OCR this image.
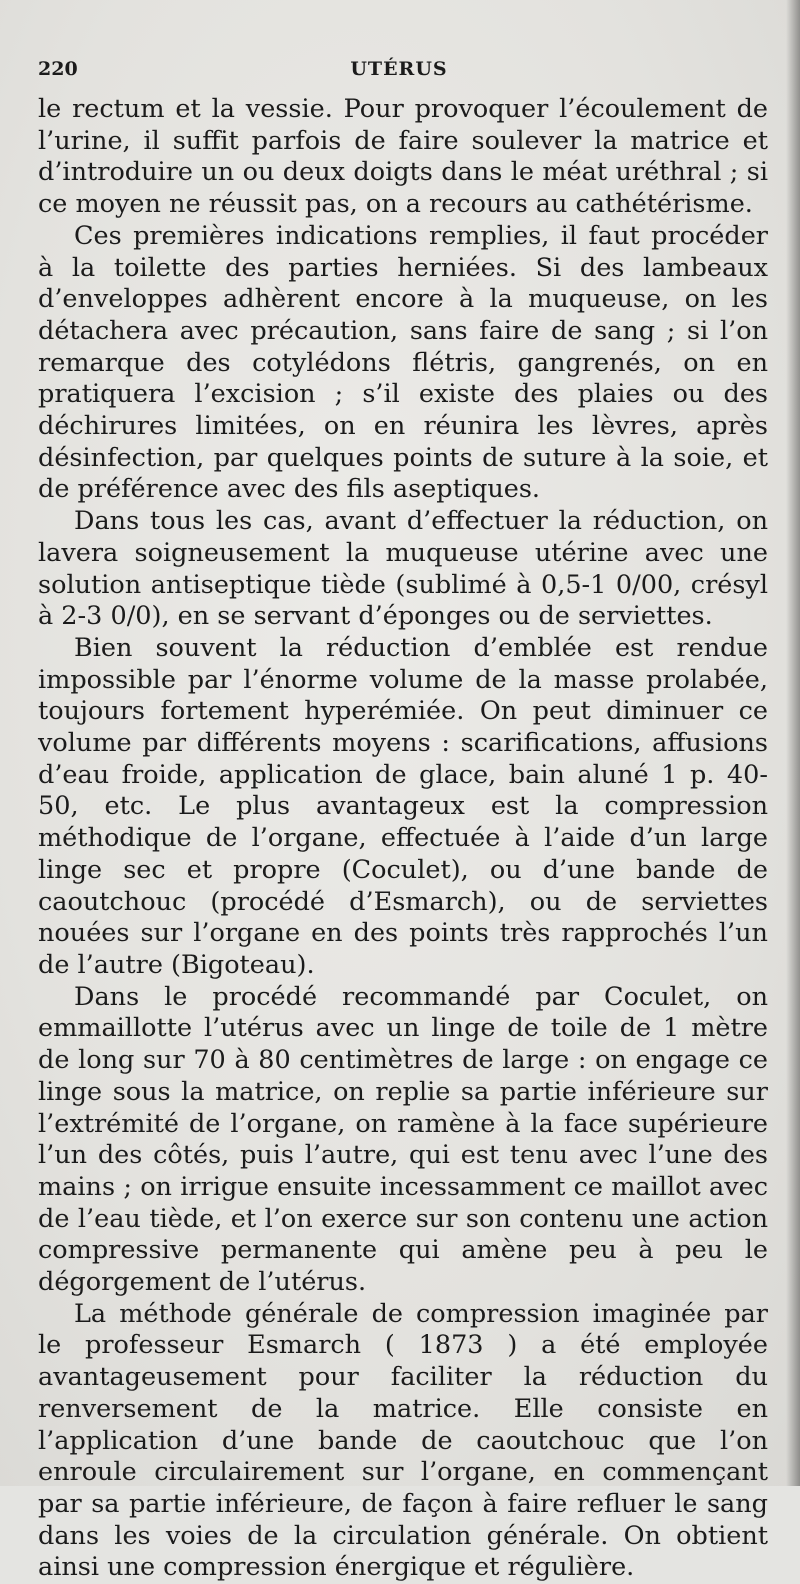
220	UTÉRUS

le rectum et la vessie. Pour provoquer l’écoulement de l’urine, il suffit parfois de faire soulever la matrice et d’introduire un ou deux doigts dans le méat uréthral ; si ce moyen ne réussit pas, on a recours au cathétérisme.

Ces premières indications remplies, il faut procéder à la toilette des parties herniées. Si des lambeaux d’enveloppes adhèrent encore à la muqueuse, on les détachera avec précaution, sans faire de sang ; si l’on remarque des cotylédons flétris, gangrenés, on en pratiquera l’excision ; s’il existe des plaies ou des déchirures limitées, on en réunira les lèvres, après désinfection, par quelques points de suture à la soie, et de préférence avec des fils aseptiques.

Dans tous les cas, avant d’effectuer la réduction, on lavera soigneusement la muqueuse utérine avec une solution antiseptique tiède (sublimé à 0,5-1 0/00, crésyl à 2-3 0/0), en se servant d’éponges ou de serviettes.

Bien souvent la réduction d’emblée est rendue impossible par l’énorme volume de la masse prolabée, toujours fortement hyperémiée. On peut diminuer ce volume par différents moyens : scarifications, affusions d’eau froide, application de glace, bain aluné 1 p. 40-50, etc. Le plus avantageux est la compression méthodique de l’organe, effectuée à l’aide d’un large linge sec et propre (Coculet), ou d’une bande de caoutchouc (procédé d’Esmarch), ou de serviettes nouées sur l’organe en des points très rapprochés l’un de l’autre (Bigoteau).

Dans le procédé recommandé par Coculet, on emmaillotte l’utérus avec un linge de toile de 1 mètre de long sur 70 à 80 centimètres de large : on engage ce linge sous la matrice, on replie sa partie inférieure sur l’extrémité de l’organe, on ramène à la face supérieure l’un des côtés, puis l’autre, qui est tenu avec l’une des mains ; on irrigue ensuite incessamment ce maillot avec de l’eau tiède, et l’on exerce sur son contenu une action compressive permanente qui amène peu à peu le dégorgement de l’utérus.

La méthode générale de compression imaginée par le professeur Esmarch ( 1873 ) a été employée avantageusement pour faciliter la réduction du renversement de la matrice. Elle consiste en l’application d’une bande de caoutchouc que l’on enroule circulairement sur l’organe, en commençant par sa partie inférieure, de façon à faire refluer le sang dans les voies de la circulation générale. On obtient ainsi une compression énergique et régulière.
